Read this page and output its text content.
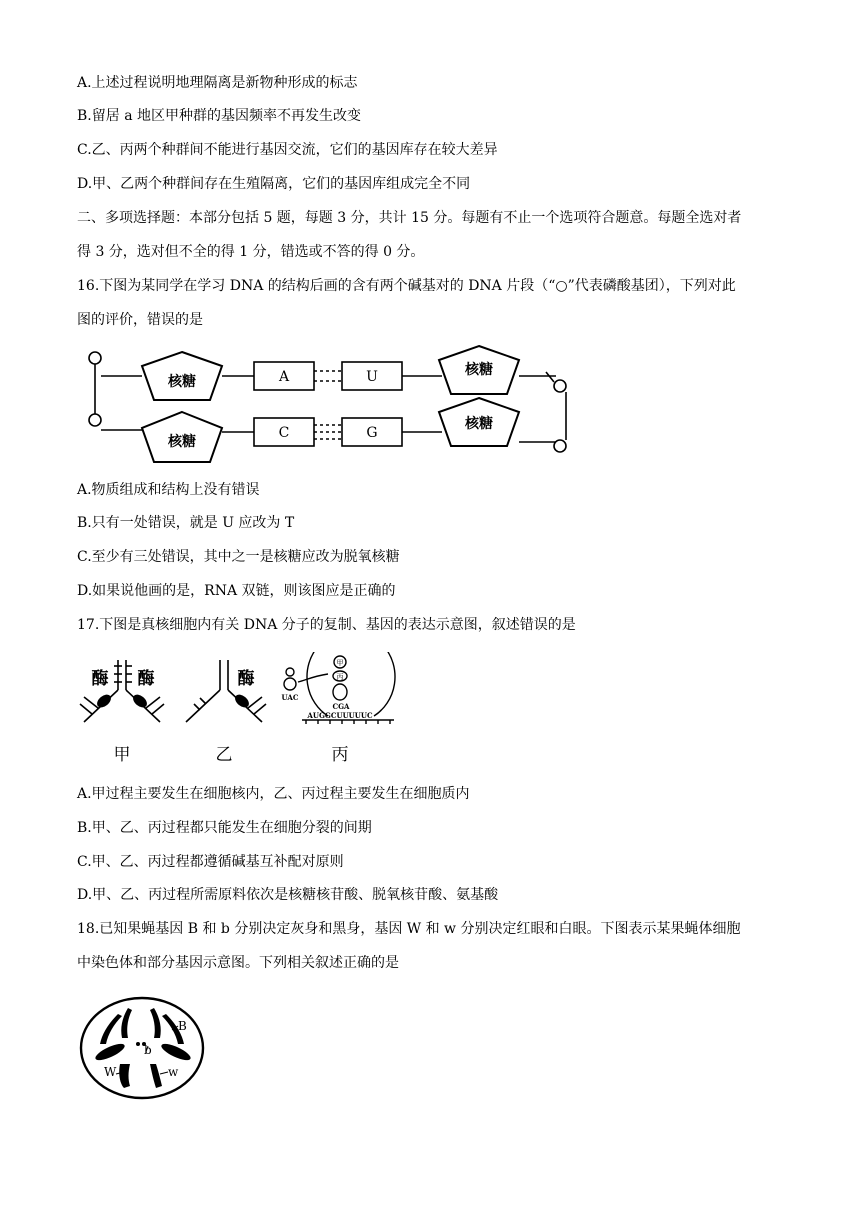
A.上述过程说明地理隔离是新物种形成的标志
B.留居 a 地区甲种群的基因频率不再发生改变
C.乙、丙两个种群间不能进行基因交流，它们的基因库存在较大差异
D.甲、乙两个种群间存在生殖隔离，它们的基因库组成完全不同
二、多项选择题：本部分包括 5 题，每题 3 分，共计 15 分。每题有不止一个选项符合题意。每题全选对者
得 3 分，选对但不全的得 1 分，错选或不答的得 0 分。
16.下图为某同学在学习 DNA 的结构后画的含有两个碱基对的 DNA 片段（“○”代表磷酸基团），下列对此
图的评价，错误的是
核糖
核糖
核糖
核糖
A	U
C	G
A.物质组成和结构上没有错误
B.只有一处错误，就是 U 应改为 T
C.至少有三处错误，其中之一是核糖应改为脱氧核糖
D.如果说他画的是，RNA 双链，则该图应是正确的
17.下图是真核细胞内有关 DNA 分子的复制、基因的表达示意图，叙述错误的是
酶 酶	酶
甲
丙
UAC
CGA
AUGGCUUUUUC
甲	乙	丙
A.甲过程主要发生在细胞核内，乙、丙过程主要发生在细胞质内
B.甲、乙、丙过程都只能发生在细胞分裂的间期
C.甲、乙、丙过程都遵循碱基互补配对原则
D.甲、乙、丙过程所需原料依次是核糖核苷酸、脱氧核苷酸、氨基酸
18.已知果蝇基因 B 和 b 分别决定灰身和黑身，基因 W 和 w 分别决定红眼和白眼。下图表示某果蝇体细胞
中染色体和部分基因示意图。下列相关叙述正确的是
B
b
W	w
